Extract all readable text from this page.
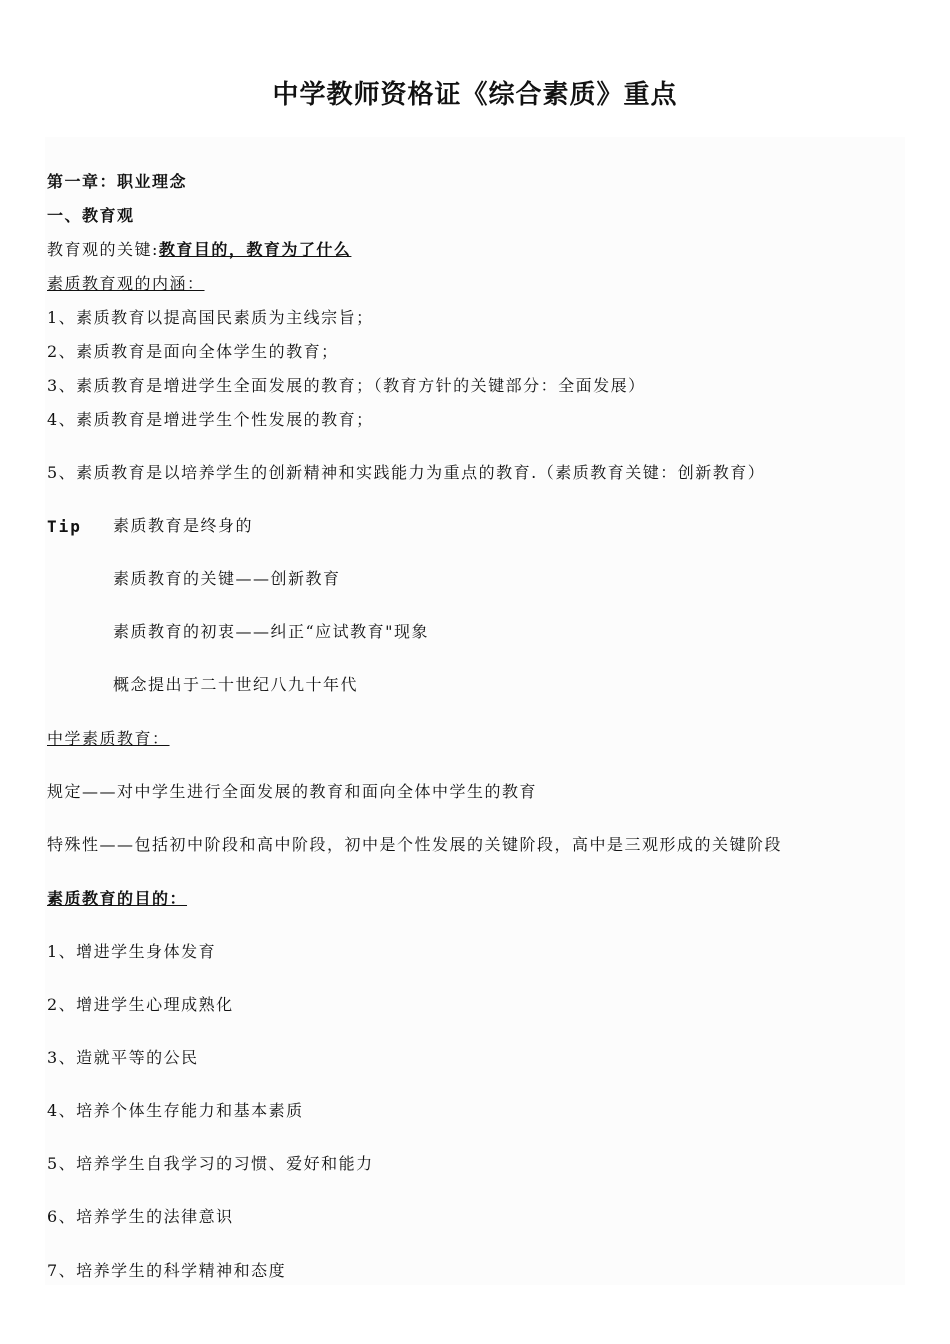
中学教师资格证《综合素质》重点
第一章：职业理念
一、教育观
教育观的关键:教育目的，教育为了什么
素质教育观的内涵：
1、素质教育以提高国民素质为主线宗旨；
2、素质教育是面向全体学生的教育；
3、素质教育是增进学生全面发展的教育；（教育方针的关键部分：全面发展）
4、素质教育是增进学生个性发展的教育；
5、素质教育是以培养学生的创新精神和实践能力为重点的教育.（素质教育关键：创新教育）
Tip 素质教育是终身的
素质教育的关键——创新教育
素质教育的初衷——纠正“应试教育"现象
概念提出于二十世纪八九十年代
中学素质教育：
规定——对中学生进行全面发展的教育和面向全体中学生的教育
特殊性——包括初中阶段和高中阶段，初中是个性发展的关键阶段，高中是三观形成的关键阶段
素质教育的目的：
1、增进学生身体发育
2、增进学生心理成熟化
3、造就平等的公民
4、培养个体生存能力和基本素质
5、培养学生自我学习的习惯、爱好和能力
6、培养学生的法律意识
7、培养学生的科学精神和态度
